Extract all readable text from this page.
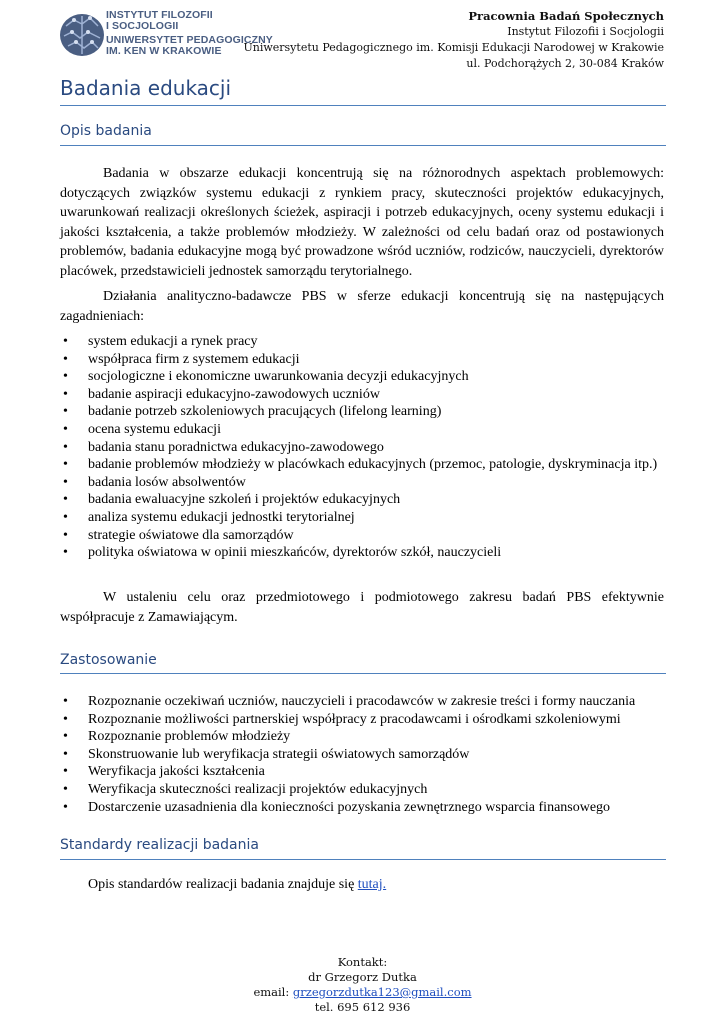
INSTYTUT FILOZOFII
I SOCJOLOGII
UNIWERSYTET PEDAGOGICZNY
IM. KEN W KRAKOWIE
Pracownia Badań Społecznych
Instytut Filozofii i Socjologii
Uniwersytetu Pedagogicznego im. Komisji Edukacji Narodowej w Krakowie
ul. Podchorążych 2, 30-084 Kraków
Badania edukacji
Opis badania

Badania w obszarze edukacji koncentrują się na różnorodnych aspektach problemowych: dotyczących związków systemu edukacji z rynkiem pracy, skuteczności projektów edukacyjnych, uwarunkowań realizacji określonych ścieżek, aspiracji i potrzeb edukacyjnych, oceny systemu edukacji i jakości kształcenia, a także problemów młodzieży. W zależności od celu badań oraz od postawionych problemów, badania edukacyjne mogą być prowadzone wśród uczniów, rodziców, nauczycieli, dyrektorów placówek, przedstawicieli jednostek samorządu terytorialnego.

Działania analityczno-badawcze PBS w sferze edukacji koncentrują się na następujących zagadnieniach:

• system edukacji a rynek pracy
• współpraca firm z systemem edukacji
• socjologiczne i ekonomiczne uwarunkowania decyzji edukacyjnych
• badanie aspiracji edukacyjno-zawodowych uczniów
• badanie potrzeb szkoleniowych pracujących (lifelong learning)
• ocena systemu edukacji
• badania stanu poradnictwa edukacyjno-zawodowego
• badanie problemów młodzieży w placówkach edukacyjnych (przemoc, patologie, dyskryminacja itp.)
• badania losów absolwentów
• badania ewaluacyjne szkoleń i projektów edukacyjnych
• analiza systemu edukacji jednostki terytorialnej
• strategie oświatowe dla samorządów
• polityka oświatowa w opinii mieszkańców, dyrektorów szkół, nauczycieli

W ustaleniu celu oraz przedmiotowego i podmiotowego zakresu badań PBS efektywnie współpracuje z Zamawiającym.

Zastosowanie
• Rozpoznanie oczekiwań uczniów, nauczycieli i pracodawców w zakresie treści i formy nauczania
• Rozpoznanie możliwości partnerskiej współpracy z pracodawcami i ośrodkami szkoleniowymi
• Rozpoznanie problemów młodzieży
• Skonstruowanie lub weryfikacja strategii oświatowych samorządów
• Weryfikacja jakości kształcenia
• Weryfikacja skuteczności realizacji projektów edukacyjnych
• Dostarczenie uzasadnienia dla konieczności pozyskania zewnętrznego wsparcia finansowego
Standardy realizacji badania
Opis standardów realizacji badania znajduje się tutaj.
Kontakt:
dr Grzegorz Dutka
email: grzegorzdutka123@gmail.com
tel. 695 612 936
